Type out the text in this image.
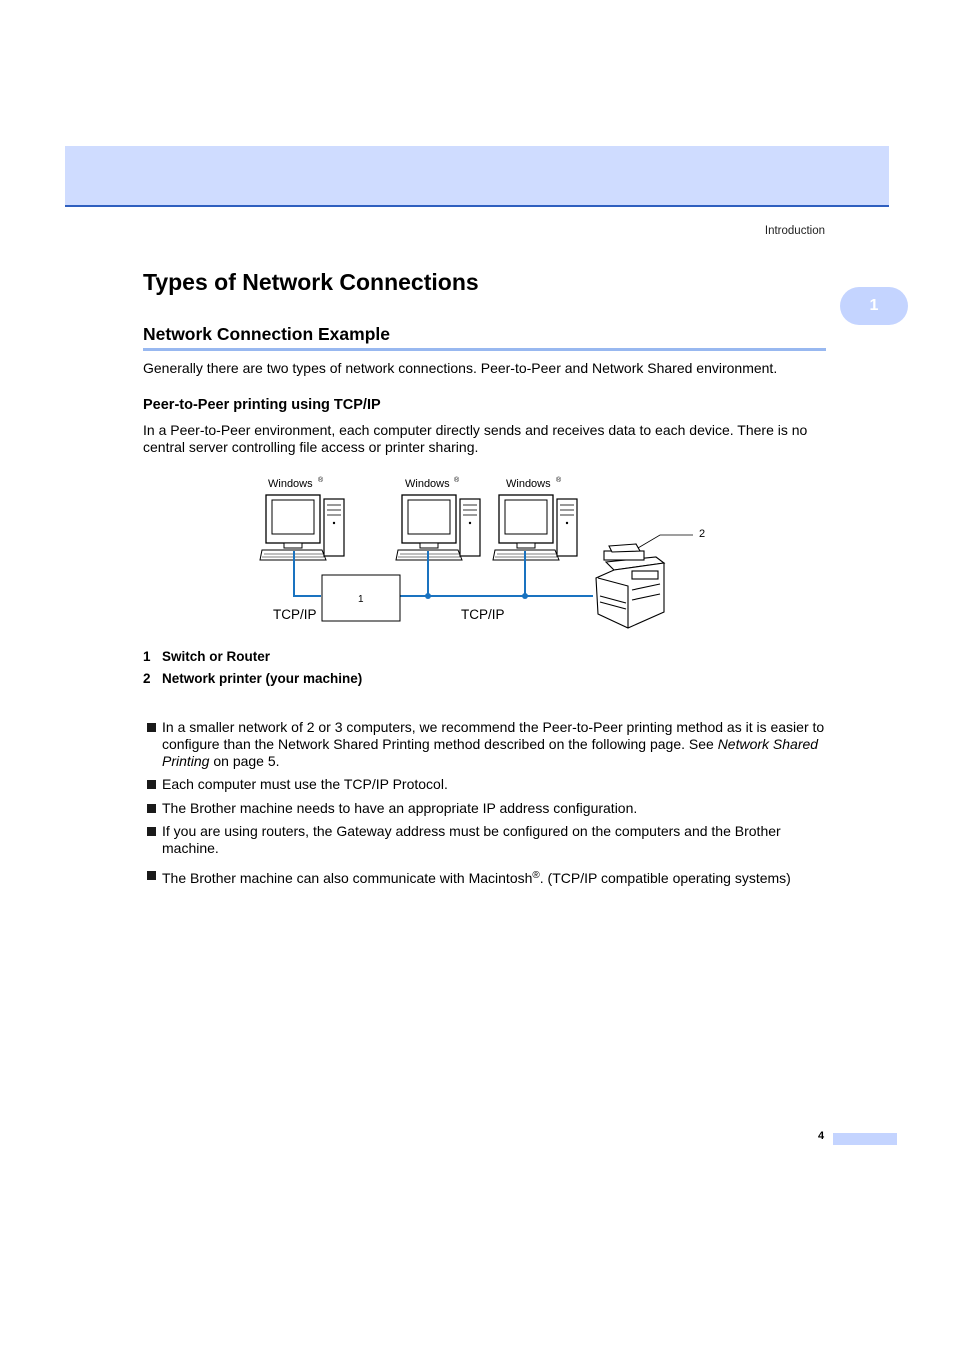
Introduction
1
Types of Network Connections
Network Connection Example

Generally there are two types of network connections. Peer-to-Peer and Network Shared environment.

Peer-to-Peer printing using TCP/IP

In a Peer-to-Peer environment, each computer directly sends and receives data to each device. There is no central server controlling file access or printer sharing.

Windows ®	Windows ®	Windows ®
1
TCP/IP	TCP/IP
2
1 Switch or Router
2 Network printer (your machine)
In a smaller network of 2 or 3 computers, we recommend the Peer-to-Peer printing method as it is easier to configure than the Network Shared Printing method described on the following page. See Network Shared Printing on page 5.
Each computer must use the TCP/IP Protocol.
The Brother machine needs to have an appropriate IP address configuration.
If you are using routers, the Gateway address must be configured on the computers and the Brother machine.
The Brother machine can also communicate with Macintosh®. (TCP/IP compatible operating systems)
4
